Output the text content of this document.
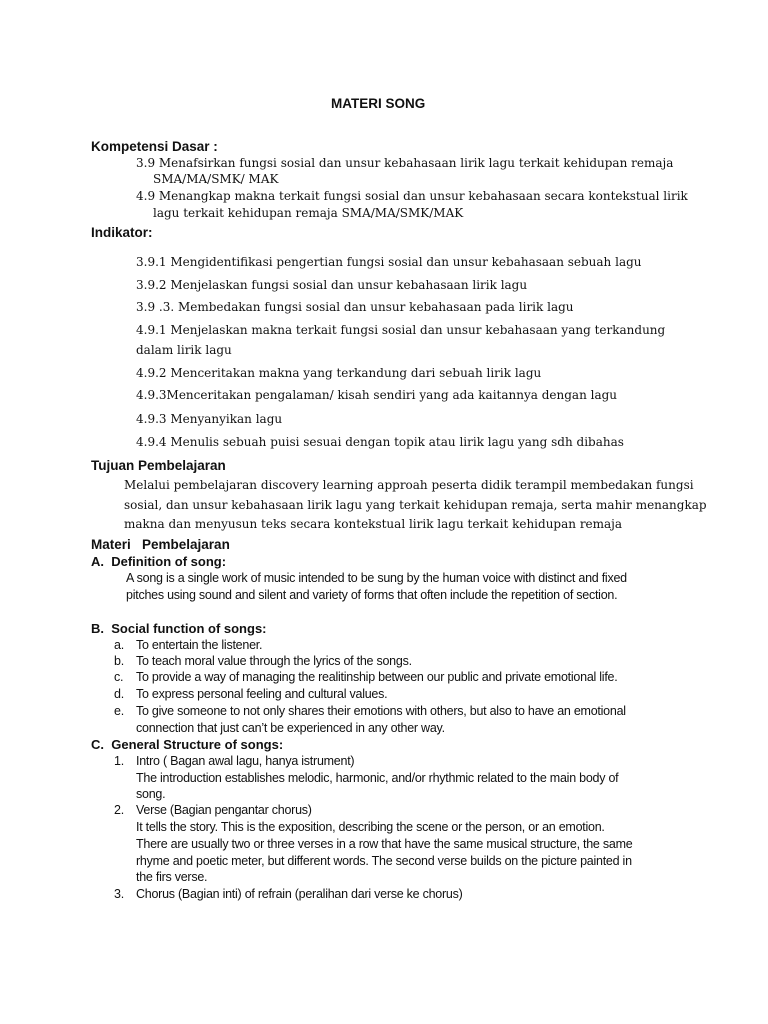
MATERI SONG

Kompetensi Dasar :

3.9 Menafsirkan fungsi sosial dan unsur kebahasaan lirik lagu terkait kehidupan remaja

SMA/MA/SMK/ MAK

4.9 Menangkap makna terkait fungsi sosial dan unsur kebahasaan secara kontekstual lirik

lagu terkait kehidupan remaja SMA/MA/SMK/MAK

Indikator:

3.9.1 Mengidentifikasi pengertian fungsi sosial dan unsur kebahasaan sebuah lagu

3.9.2 Menjelaskan fungsi sosial dan unsur kebahasaan lirik lagu

3.9 .3. Membedakan fungsi sosial dan unsur kebahasaan pada lirik lagu

4.9.1 Menjelaskan makna terkait fungsi sosial dan unsur kebahasaan yang terkandung

dalam lirik lagu

4.9.2 Menceritakan makna yang terkandung dari sebuah lirik lagu

4.9.3Menceritakan pengalaman/ kisah sendiri yang ada kaitannya dengan lagu

4.9.3 Menyanyikan lagu

4.9.4 Menulis sebuah puisi sesuai dengan topik atau lirik lagu yang sdh dibahas

Tujuan Pembelajaran

Melalui pembelajaran discovery learning approah peserta didik terampil membedakan fungsi

sosial, dan unsur kebahasaan lirik lagu yang terkait kehidupan remaja, serta mahir menangkap

makna dan menyusun teks secara kontekstual lirik lagu terkait kehidupan remaja

Materi   Pembelajaran

A.  Definition of song:

A song is a single work of music intended to be sung by the human voice with distinct and fixed

pitches using sound and silent and variety of forms that often include the repetition of section.

B.  Social function of songs:

a. To entertain the listener.

b. To teach moral value through the lyrics of the songs.

c. To provide a way of managing the realitinship between our public and private emotional life.

d. To express personal feeling and cultural values.

e. To give someone to not only shares their emotions with others, but also to have an emotional

connection that just can’t be experienced in any other way.

C.  General Structure of songs:

1. Intro ( Bagan awal lagu, hanya istrument)

The introduction establishes melodic, harmonic, and/or rhythmic related to the main body of

song.

2. Verse (Bagian pengantar chorus)

It tells the story. This is the exposition, describing the scene or the person, or an emotion.

There are usually two or three verses in a row that have the same musical structure, the same

rhyme and poetic meter, but different words. The second verse builds on the picture painted in

the firs verse.

3. Chorus (Bagian inti) of refrain (peralihan dari verse ke chorus)
